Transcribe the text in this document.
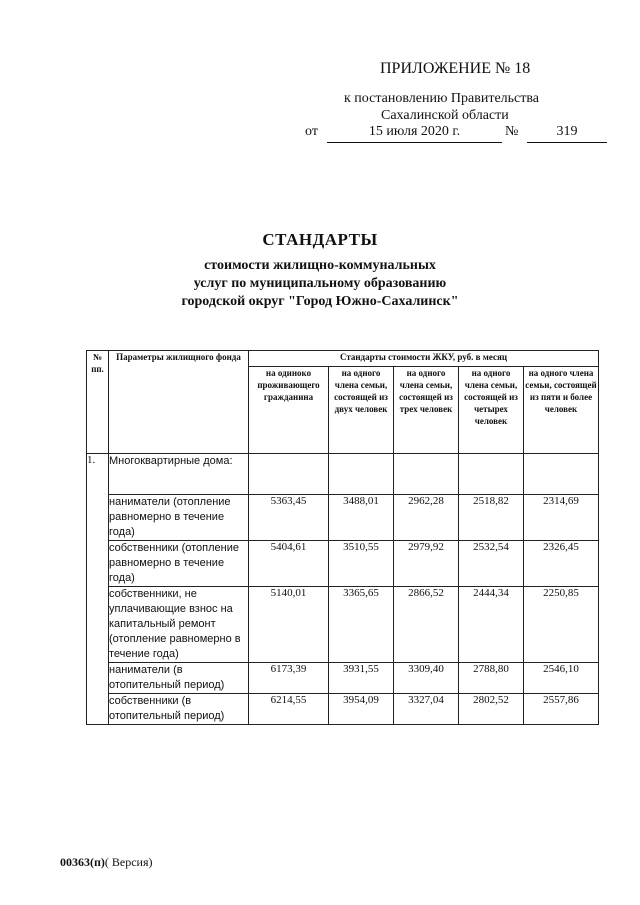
ПРИЛОЖЕНИЕ № 18
к постановлению Правительства
Сахалинской области
от	15 июля 2020 г.	№	319
СТАНДАРТЫ
стоимости жилищно-коммунальных
услуг по муниципальному образованию
городской округ "Город Южно-Сахалинск"
№ пп.	Параметры жилищного фонда	Стандарты стоимости ЖКУ, руб. в месяц				
		на одиноко проживающего гражданина	на одного члена семьи, состоящей из двух человек	на одного члена семьи, состоящей из трех человек	на одного члена семьи, состоящей из четырех человек	на одного члена семьи, состоящей из пяти и более человек
1.	Многоквартирные дома:					
	наниматели (отопление равномерно в течение года)	5363,45	3488,01	2962,28	2518,82	2314,69
	собственники (отопление равномерно в течение года)	5404,61	3510,55	2979,92	2532,54	2326,45
	собственники, не уплачивающие взнос на капитальный ремонт (отопление равномерно в течение года)	5140,01	3365,65	2866,52	2444,34	2250,85
	наниматели (в отопительный период)	6173,39	3931,55	3309,40	2788,80	2546,10
	собственники (в отопительный период)	6214,55	3954,09	3327,04	2802,52	2557,86
00363(п)( Версия)
